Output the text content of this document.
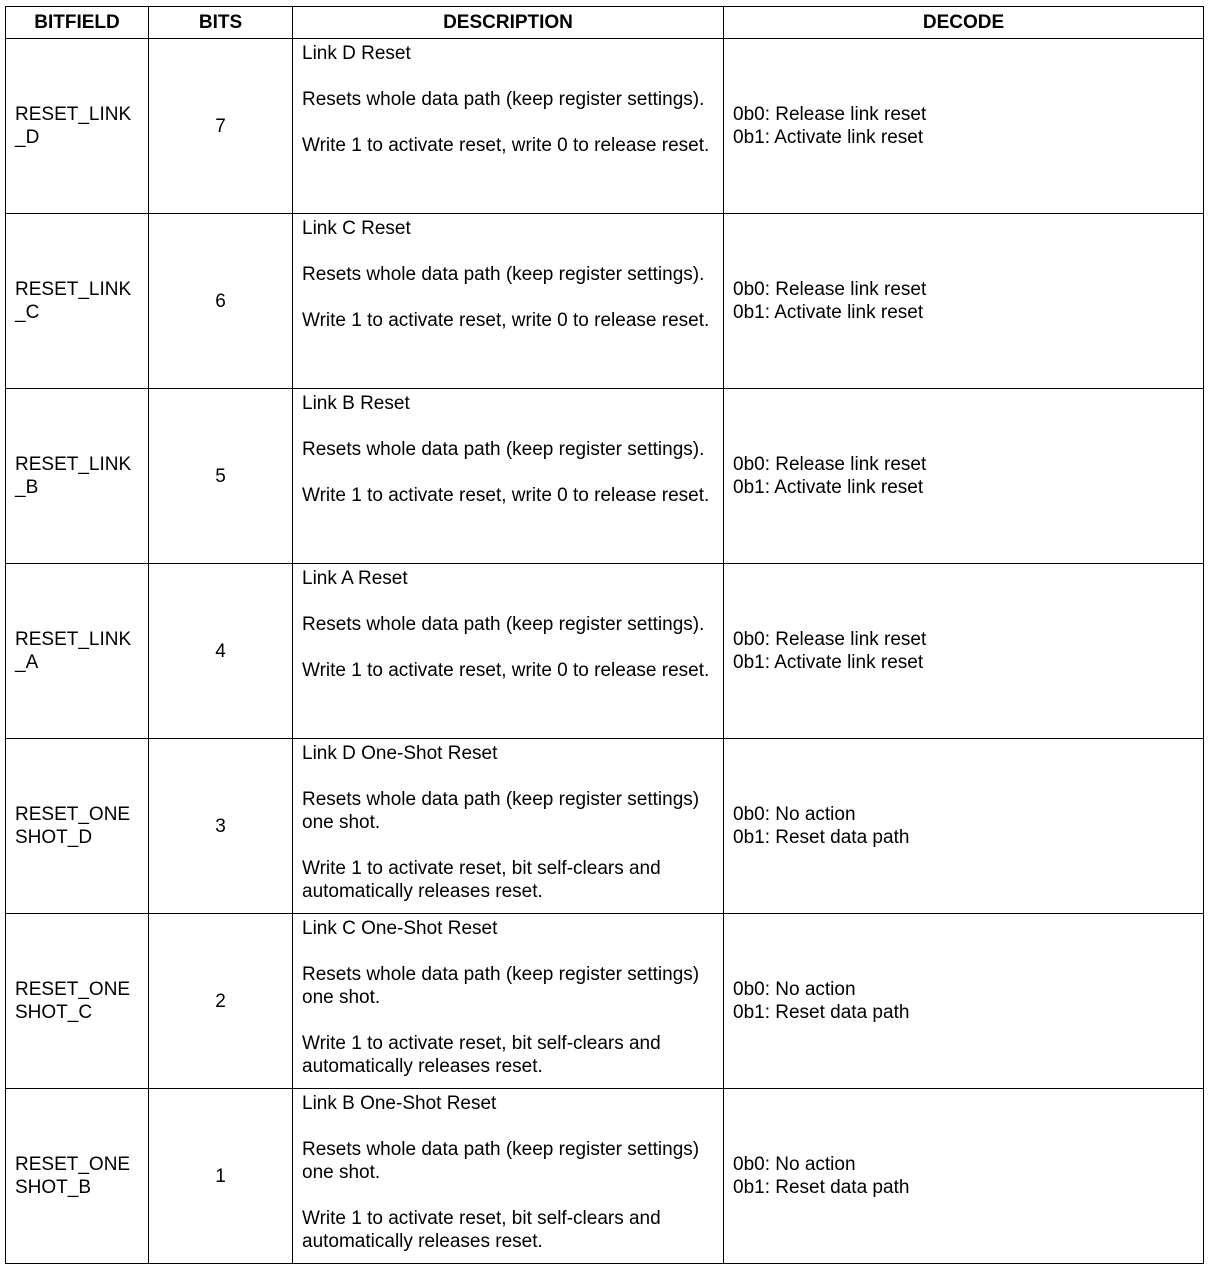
BITFIELD	BITS	DESCRIPTION	DECODE

RESET_LINK_D	7	Link D Reset
Resets whole data path (keep register settings).
Write 1 to activate reset, write 0 to release reset.	0b0: Release link reset
0b1: Activate link reset

RESET_LINK_C	6	Link C Reset
Resets whole data path (keep register settings).
Write 1 to activate reset, write 0 to release reset.	0b0: Release link reset
0b1: Activate link reset

RESET_LINK_B	5	Link B Reset
Resets whole data path (keep register settings).
Write 1 to activate reset, write 0 to release reset.	0b0: Release link reset
0b1: Activate link reset

RESET_LINK_A	4	Link A Reset
Resets whole data path (keep register settings).
Write 1 to activate reset, write 0 to release reset.	0b0: Release link reset
0b1: Activate link reset

RESET_ONESHOT_D	3	Link D One-Shot Reset
Resets whole data path (keep register settings) one shot.
Write 1 to activate reset, bit self-clears and automatically releases reset.	0b0: No action
0b1: Reset data path

RESET_ONESHOT_C	2	Link C One-Shot Reset
Resets whole data path (keep register settings) one shot.
Write 1 to activate reset, bit self-clears and automatically releases reset.	0b0: No action
0b1: Reset data path

RESET_ONESHOT_B	1	Link B One-Shot Reset
Resets whole data path (keep register settings) one shot.
Write 1 to activate reset, bit self-clears and automatically releases reset.	0b0: No action
0b1: Reset data path
